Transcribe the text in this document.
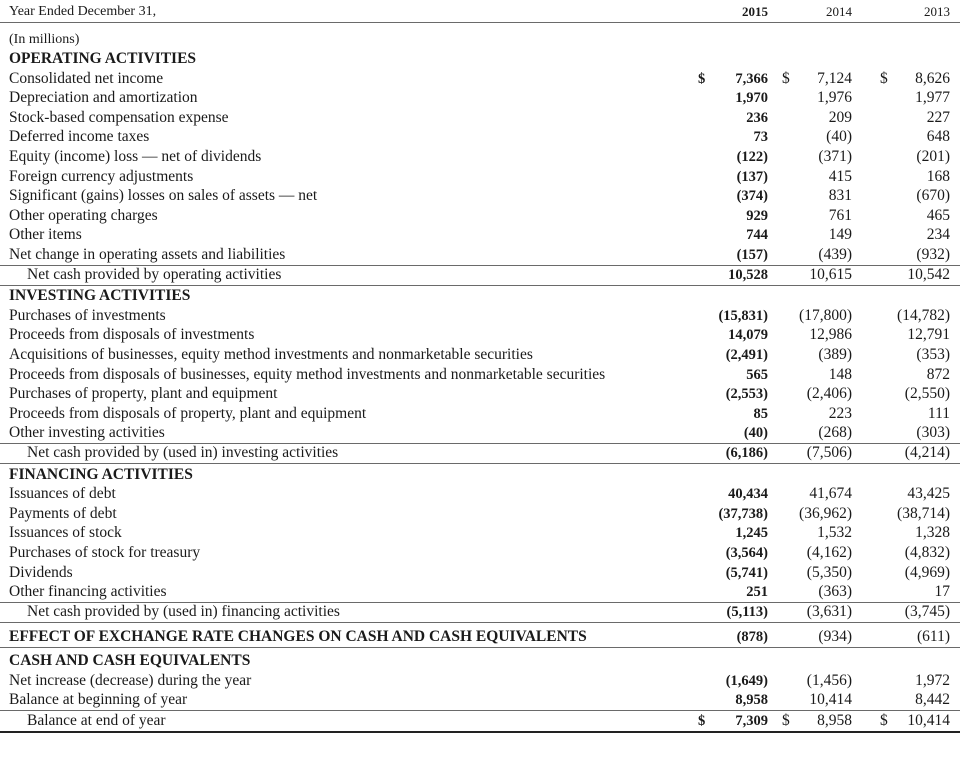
Year Ended December 31,	2015	2014	2013
(In millions)
OPERATING ACTIVITIES
Consolidated net income	$ 7,366 $ 7,124 $ 8,626
Depreciation and amortization	1,970	1,976	1,977
Stock-based compensation expense	236	209	227
Deferred income taxes	73	(40)	648
Equity (income) loss — net of dividends	(122)	(371)	(201)
Foreign currency adjustments	(137)	415	168
Significant (gains) losses on sales of assets — net	(374)	831	(670)
Other operating charges	929	761	465
Other items	744	149	234
Net change in operating assets and liabilities	(157)	(439)	(932)
Net cash provided by operating activities	10,528	10,615	10,542
INVESTING ACTIVITIES
Purchases of investments	(15,831)	(17,800)	(14,782)
Proceeds from disposals of investments	14,079	12,986	12,791
Acquisitions of businesses, equity method investments and nonmarketable securities	(2,491)	(389)	(353)
Proceeds from disposals of businesses, equity method investments and nonmarketable securities	565	148	872
Purchases of property, plant and equipment	(2,553)	(2,406)	(2,550)
Proceeds from disposals of property, plant and equipment	85	223	111
Other investing activities	(40)	(268)	(303)
Net cash provided by (used in) investing activities	(6,186)	(7,506)	(4,214)
FINANCING ACTIVITIES
Issuances of debt	40,434	41,674	43,425
Payments of debt	(37,738)	(36,962)	(38,714)
Issuances of stock	1,245	1,532	1,328
Purchases of stock for treasury	(3,564)	(4,162)	(4,832)
Dividends	(5,741)	(5,350)	(4,969)
Other financing activities	251	(363)	17
Net cash provided by (used in) financing activities	(5,113)	(3,631)	(3,745)
EFFECT OF EXCHANGE RATE CHANGES ON CASH AND CASH EQUIVALENTS	(878)	(934)	(611)
CASH AND CASH EQUIVALENTS
Net increase (decrease) during the year	(1,649)	(1,456)	1,972
Balance at beginning of year	8,958	10,414	8,442
Balance at end of year	$ 7,309 $ 8,958 $ 10,414
